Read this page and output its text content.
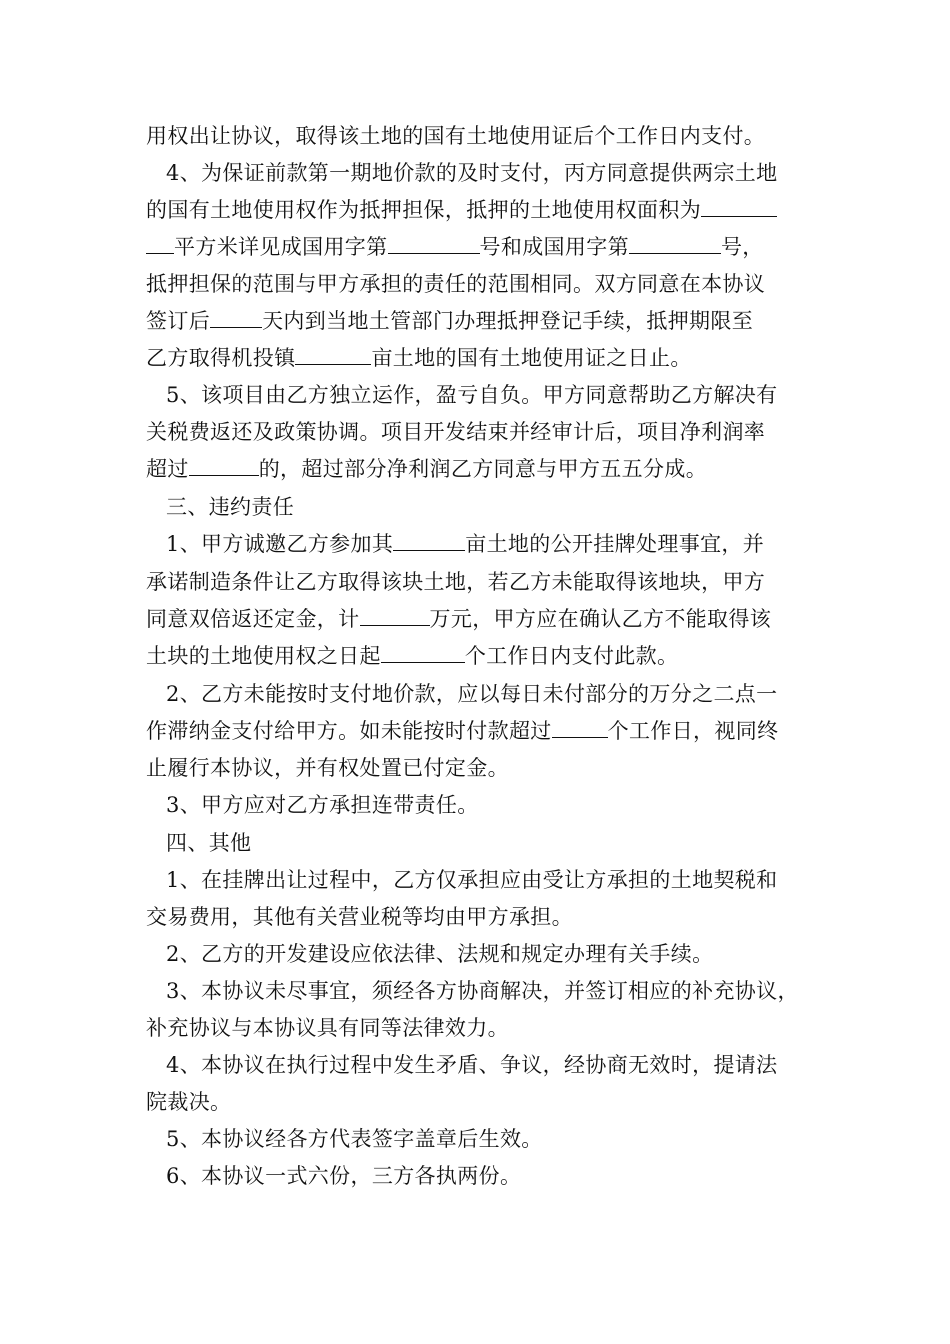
用权出让协议，取得该土地的国有土地使用证后个工作日内支付。
4、为保证前款第一期地价款的及时支付，丙方同意提供两宗土地
的国有土地使用权作为抵押担保，抵押的土地使用权面积为
平方米详见成国用字第	号和成国用字第	号，
抵押担保的范围与甲方承担的责任的范围相同。双方同意在本协议
签订后 天内到当地土管部门办理抵押登记手续，抵押期限至
乙方取得机投镇	亩土地的国有土地使用证之日止。
5、该项目由乙方独立运作，盈亏自负。甲方同意帮助乙方解决有
关税费返还及政策协调。项目开发结束并经审计后，项目净利润率
超过	的，超过部分净利润乙方同意与甲方五五分成。
三、违约责任
1、甲方诚邀乙方参加其	亩土地的公开挂牌处理事宜，并
承诺制造条件让乙方取得该块土地，若乙方未能取得该地块，甲方
同意双倍返还定金，计	万元，甲方应在确认乙方不能取得该
土块的土地使用权之日起	个工作日内支付此款。
2、乙方未能按时支付地价款，应以每日未付部分的万分之二点一
作滞纳金支付给甲方。如未能按时付款超过	个工作日，视同终
止履行本协议，并有权处置已付定金。
3、甲方应对乙方承担连带责任。
四、其他
1、在挂牌出让过程中，乙方仅承担应由受让方承担的土地契税和
交易费用，其他有关营业税等均由甲方承担。
2、乙方的开发建设应依法律、法规和规定办理有关手续。
3、本协议未尽事宜，须经各方协商解决，并签订相应的补充协议，
补充协议与本协议具有同等法律效力。
4、本协议在执行过程中发生矛盾、争议，经协商无效时，提请法
院裁决。
5、本协议经各方代表签字盖章后生效。
6、本协议一式六份，三方各执两份。
